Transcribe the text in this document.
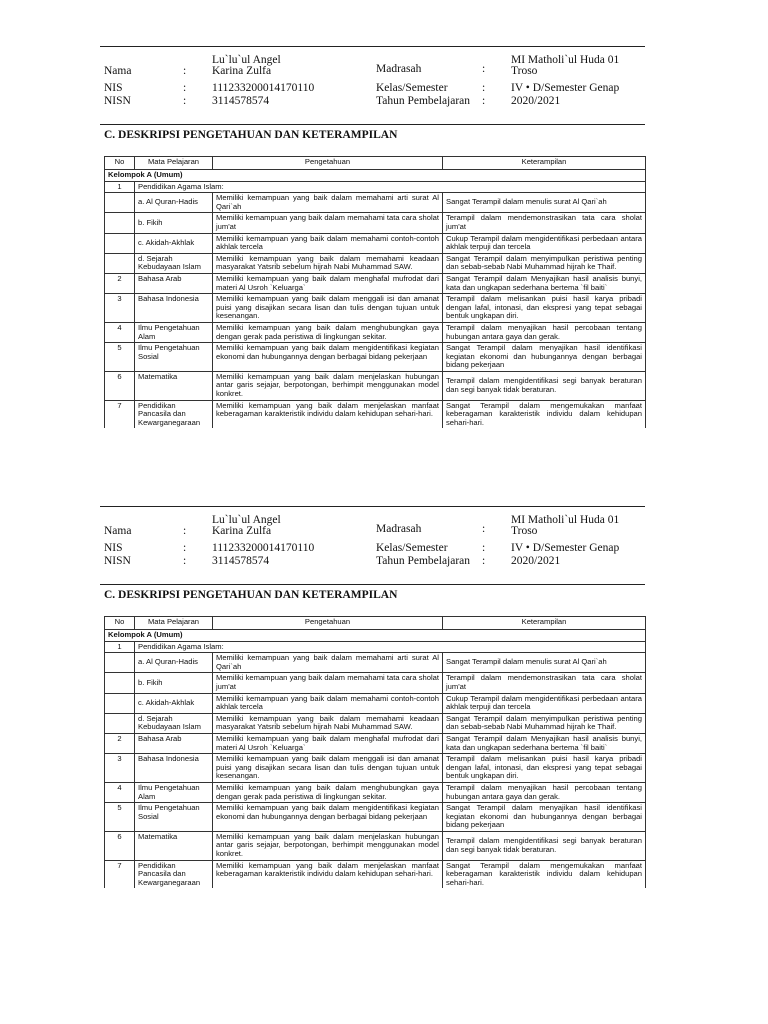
Nama	:
Lu`lu`ul Angel
Karina Zulfa
NIS	: 111233200014170110
NISN	: 3114578574
Madrasah	:
MI Matholi`ul Huda 01
Troso
Kelas/Semester	: IV • D/Semester Genap
Tahun Pembelajaran : 2020/2021
C. DESKRIPSI PENGETAHUAN DAN KETERAMPILAN
No	Mata Pelajaran	Pengetahuan	Keterampilan
Kelompok A (Umum)			
1	Pendidikan Agama Islam:		
	a. Al Quran-Hadis	Memiliki kemampuan yang baik dalam memahami arti surat Al Qari`ah	Sangat Terampil dalam menulis surat Al Qari`ah
	b. Fikih	Memiliki kemampuan yang baik dalam memahami tata cara sholat jum'at	Terampil dalam mendemonstrasikan tata cara sholat jum'at
	c. Akidah-Akhlak	Memiliki kemampuan yang baik dalam memahami contoh-contoh akhlak tercela	Cukup Terampil dalam mengidentifikasi perbedaan antara akhlak terpuji dan tercela
	d. Sejarah Kebudayaan Islam	Memiliki kemampuan yang baik dalam memahami keadaan masyarakat Yatsrib sebelum hijrah Nabi Muhammad SAW.	Sangat Terampil dalam menyimpulkan peristiwa penting dan sebab-sebab Nabi Muhammad hijrah ke Thaif.
2	Bahasa Arab	Memiliki kemampuan yang baik dalam menghafal mufrodat dari materi Al Usroh `Keluarga`	Sangat Terampil dalam Menyajikan hasil analisis bunyi, kata dan ungkapan sederhana bertema `fil baiti`
3	Bahasa Indonesia	Memiliki kemampuan yang baik dalam menggali isi dan amanat puisi yang disajikan secara lisan dan tulis dengan tujuan untuk kesenangan.	Terampil dalam melisankan puisi hasil karya pribadi dengan lafal, intonasi, dan ekspresi yang tepat sebagai bentuk ungkapan diri.
4	Ilmu Pengetahuan Alam	Memiliki kemampuan yang baik dalam menghubungkan gaya dengan gerak pada peristiwa di lingkungan sekitar.	Terampil dalam menyajikan hasil percobaan tentang hubungan antara gaya dan gerak.
5	Ilmu Pengetahuan Sosial	Memiliki kemampuan yang baik dalam mengidentifikasi kegiatan ekonomi dan hubungannya dengan berbagai bidang pekerjaan	Sangat Terampil dalam menyajikan hasil identifikasi kegiatan ekonomi dan hubungannya dengan berbagai bidang pekerjaan
6	Matematika	Memiliki kemampuan yang baik dalam menjelaskan hubungan antar garis sejajar, berpotongan, berhimpit menggunakan model konkret.	Terampil dalam mengidentifikasi segi banyak beraturan dan segi banyak tidak beraturan.
7	Pendidikan Pancasila dan Kewarganegaraan	Memiliki kemampuan yang baik dalam menjelaskan manfaat keberagaman karakteristik individu dalam kehidupan sehari-hari.	Sangat Terampil dalam mengemukakan manfaat keberagaman karakteristik individu dalam kehidupan sehari-hari.
Nama	:
Lu`lu`ul Angel
Karina Zulfa
NIS	: 111233200014170110
NISN	: 3114578574
Madrasah	:
MI Matholi`ul Huda 01
Troso
Kelas/Semester	: IV • D/Semester Genap
Tahun Pembelajaran : 2020/2021
C. DESKRIPSI PENGETAHUAN DAN KETERAMPILAN
No	Mata Pelajaran	Pengetahuan	Keterampilan
Kelompok A (Umum)			
1	Pendidikan Agama Islam:		
	a. Al Quran-Hadis	Memiliki kemampuan yang baik dalam memahami arti surat Al Qari`ah	Sangat Terampil dalam menulis surat Al Qari`ah
	b. Fikih	Memiliki kemampuan yang baik dalam memahami tata cara sholat jum'at	Terampil dalam mendemonstrasikan tata cara sholat jum'at
	c. Akidah-Akhlak	Memiliki kemampuan yang baik dalam memahami contoh-contoh akhlak tercela	Cukup Terampil dalam mengidentifikasi perbedaan antara akhlak terpuji dan tercela
	d. Sejarah Kebudayaan Islam	Memiliki kemampuan yang baik dalam memahami keadaan masyarakat Yatsrib sebelum hijrah Nabi Muhammad SAW.	Sangat Terampil dalam menyimpulkan peristiwa penting dan sebab-sebab Nabi Muhammad hijrah ke Thaif.
2	Bahasa Arab	Memiliki kemampuan yang baik dalam menghafal mufrodat dari materi Al Usroh `Keluarga`	Sangat Terampil dalam Menyajikan hasil analisis bunyi, kata dan ungkapan sederhana bertema `fil baiti`
3	Bahasa Indonesia	Memiliki kemampuan yang baik dalam menggali isi dan amanat puisi yang disajikan secara lisan dan tulis dengan tujuan untuk kesenangan.	Terampil dalam melisankan puisi hasil karya pribadi dengan lafal, intonasi, dan ekspresi yang tepat sebagai bentuk ungkapan diri.
4	Ilmu Pengetahuan Alam	Memiliki kemampuan yang baik dalam menghubungkan gaya dengan gerak pada peristiwa di lingkungan sekitar.	Terampil dalam menyajikan hasil percobaan tentang hubungan antara gaya dan gerak.
5	Ilmu Pengetahuan Sosial	Memiliki kemampuan yang baik dalam mengidentifikasi kegiatan ekonomi dan hubungannya dengan berbagai bidang pekerjaan	Sangat Terampil dalam menyajikan hasil identifikasi kegiatan ekonomi dan hubungannya dengan berbagai bidang pekerjaan
6	Matematika	Memiliki kemampuan yang baik dalam menjelaskan hubungan antar garis sejajar, berpotongan, berhimpit menggunakan model konkret.	Terampil dalam mengidentifikasi segi banyak beraturan dan segi banyak tidak beraturan.
7	Pendidikan Pancasila dan Kewarganegaraan	Memiliki kemampuan yang baik dalam menjelaskan manfaat keberagaman karakteristik individu dalam kehidupan sehari-hari.	Sangat Terampil dalam mengemukakan manfaat keberagaman karakteristik individu dalam kehidupan sehari-hari.
